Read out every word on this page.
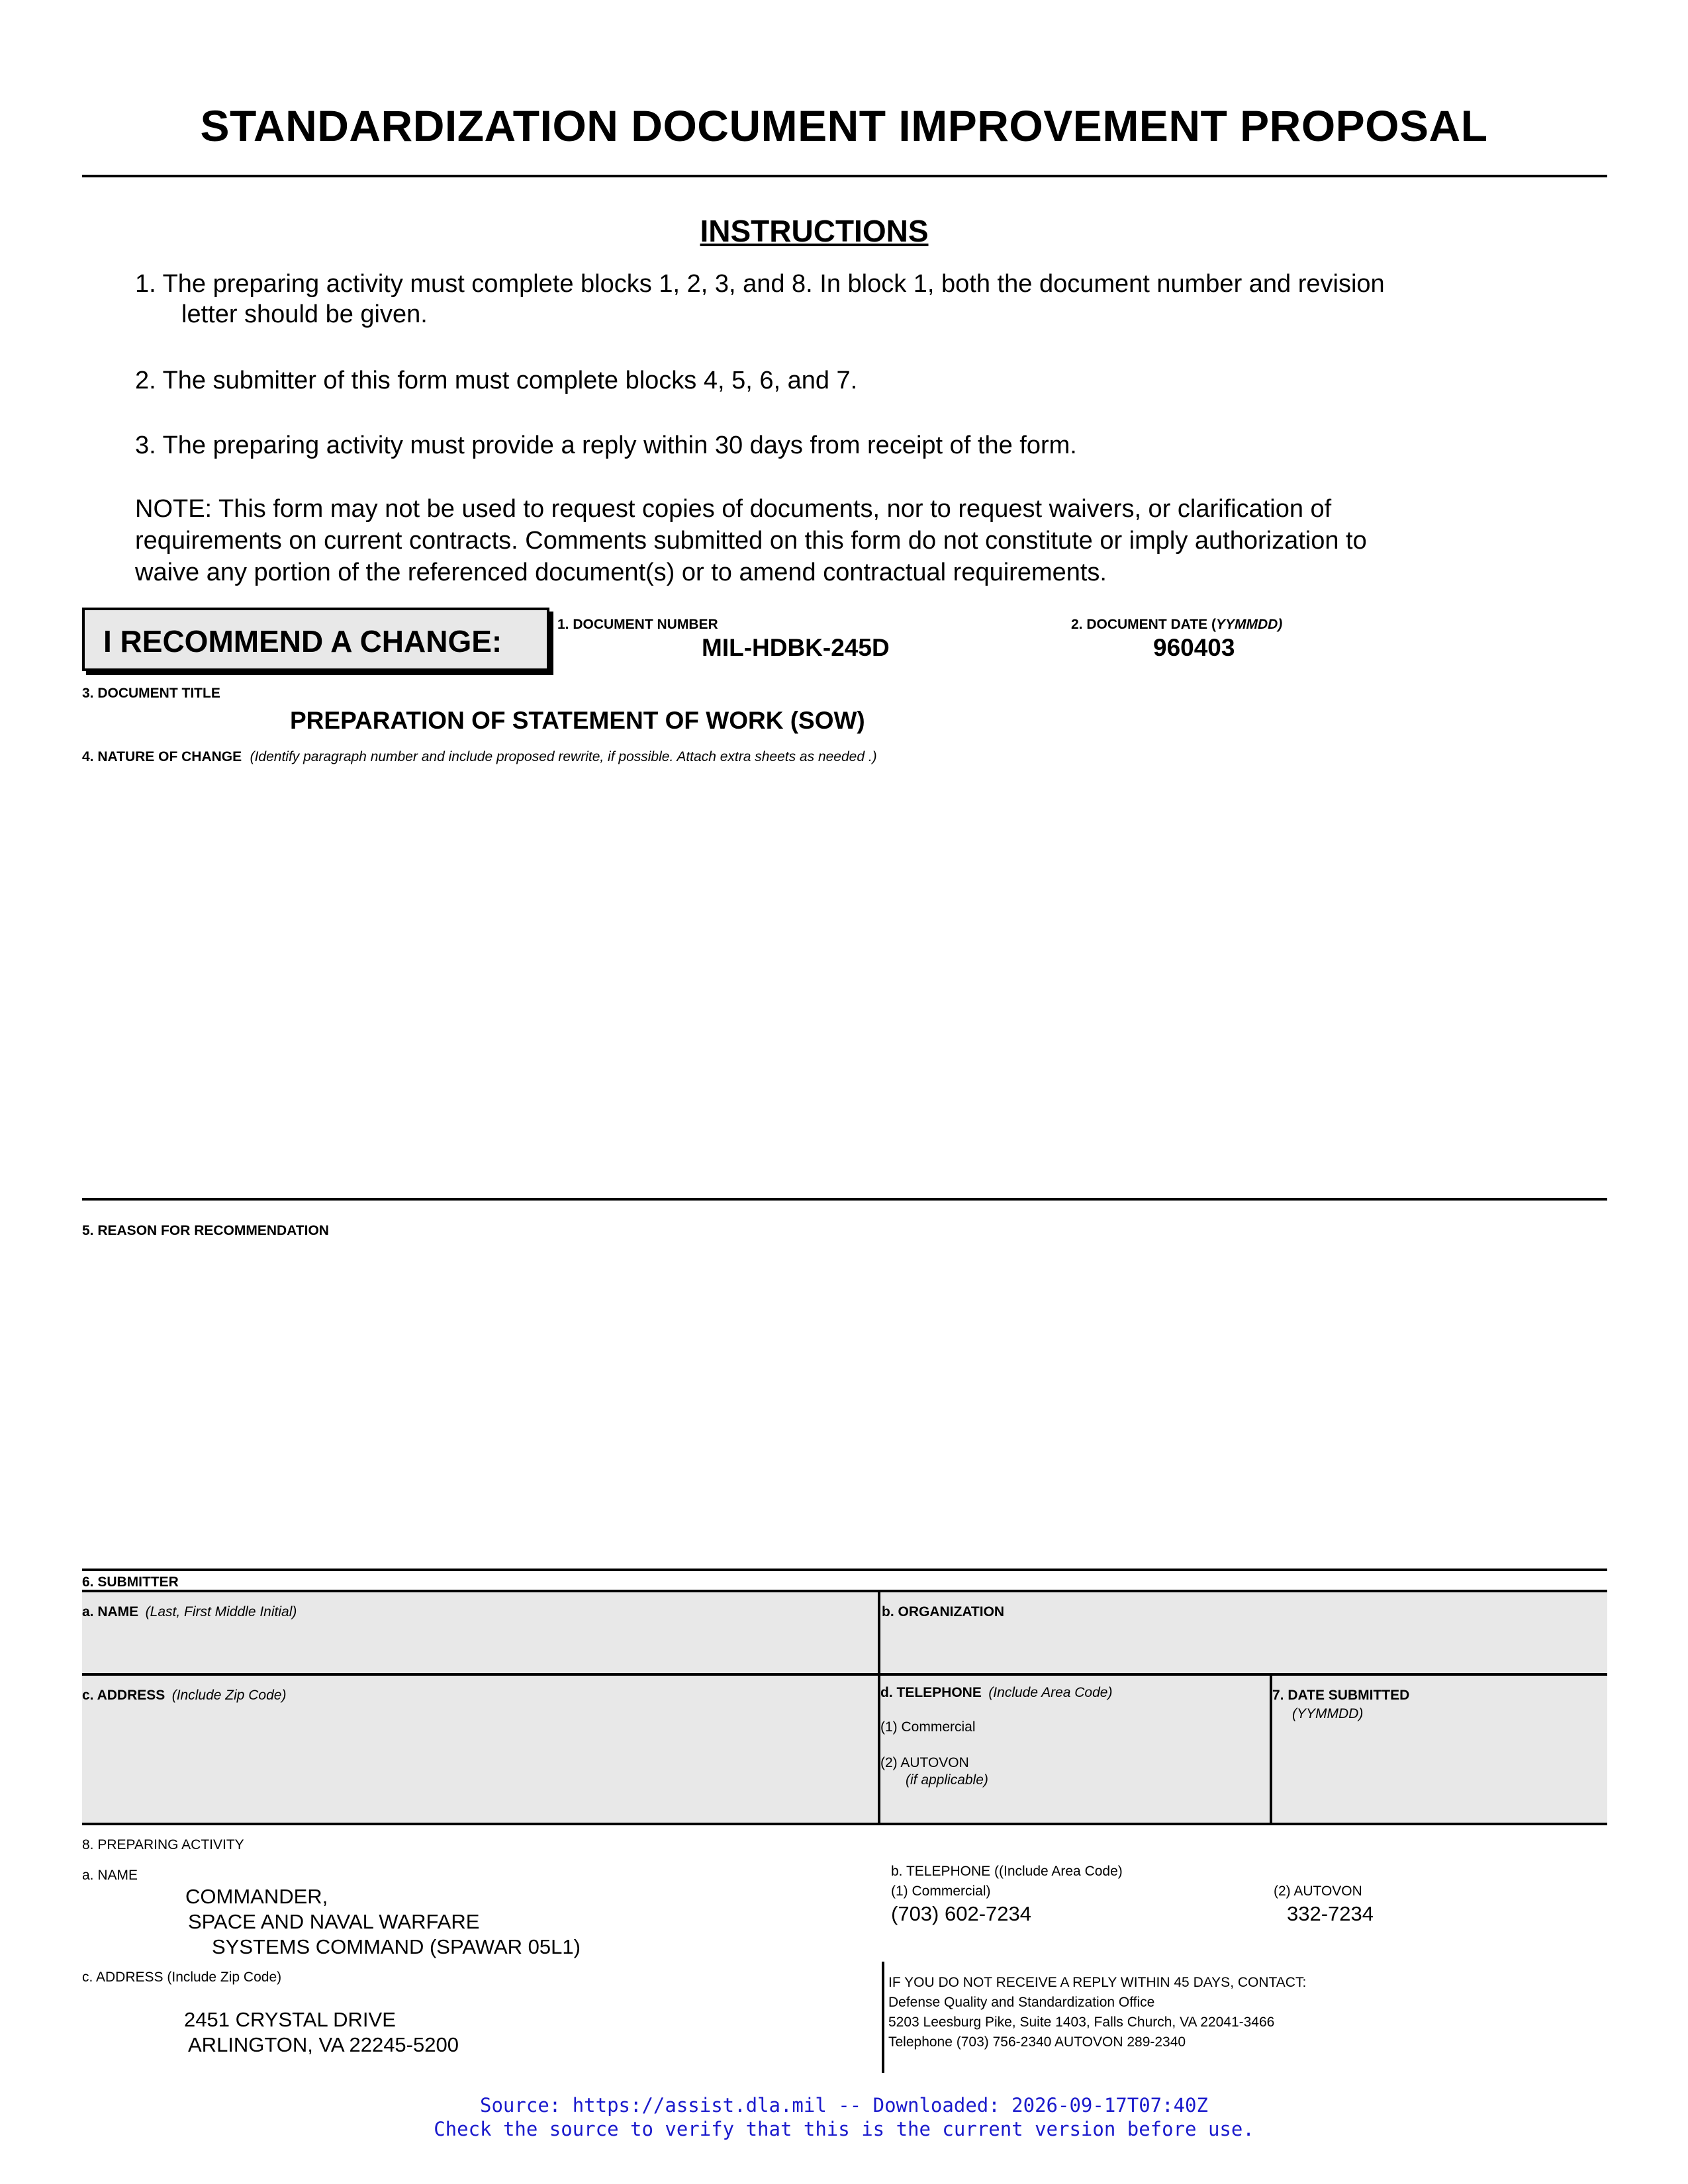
STANDARDIZATION DOCUMENT IMPROVEMENT PROPOSAL
INSTRUCTIONS
1. The preparing activity must complete blocks 1, 2, 3, and 8. In block 1, both the document number and revision
letter should be given.
2. The submitter of this form must complete blocks 4, 5, 6, and 7.
3. The preparing activity must provide a reply within 30 days from receipt of the form.
NOTE: This form may not be used to request copies of documents, nor to request waivers, or clarification of
requirements on current contracts. Comments submitted on this form do not constitute or imply authorization to
waive any portion of the referenced document(s) or to amend contractual requirements.
I RECOMMEND A CHANGE:	1. DOCUMENT NUMBER
MIL-HDBK-245D
2. DOCUMENT DATE (YYMMDD)
960403
3. DOCUMENT TITLE
PREPARATION OF STATEMENT OF WORK (SOW)
4. NATURE OF CHANGE (Identify paragraph number and include proposed rewrite, if possible. Attach extra sheets as needed .)
5. REASON FOR RECOMMENDATION
6. SUBMITTER
a. NAME (Last, First Middle Initial)	b. ORGANIZATION
c. ADDRESS (Include Zip Code)	d. TELEPHONE (Include Area Code)
(1) Commercial
(2) AUTOVON
(if applicable)
7. DATE SUBMITTED
(YYMMDD)
8. PREPARING ACTIVITY
a. NAME
COMMANDER,
SPACE AND NAVAL WARFARE
SYSTEMS COMMAND (SPAWAR 05L1)
b. TELEPHONE ((Include Area Code)
(1) Commercial)
(703) 602-7234
(2) AUTOVON
332-7234
c. ADDRESS (Include Zip Code)
2451 CRYSTAL DRIVE
ARLINGTON, VA 22245-5200
IF YOU DO NOT RECEIVE A REPLY WITHIN 45 DAYS, CONTACT:
Defense Quality and Standardization Office
5203 Leesburg Pike, Suite 1403, Falls Church, VA 22041-3466
Telephone (703) 756-2340 AUTOVON 289-2340
Source: https://assist.dla.mil -- Downloaded: 2026-09-17T07:40Z
Check the source to verify that this is the current version before use.
